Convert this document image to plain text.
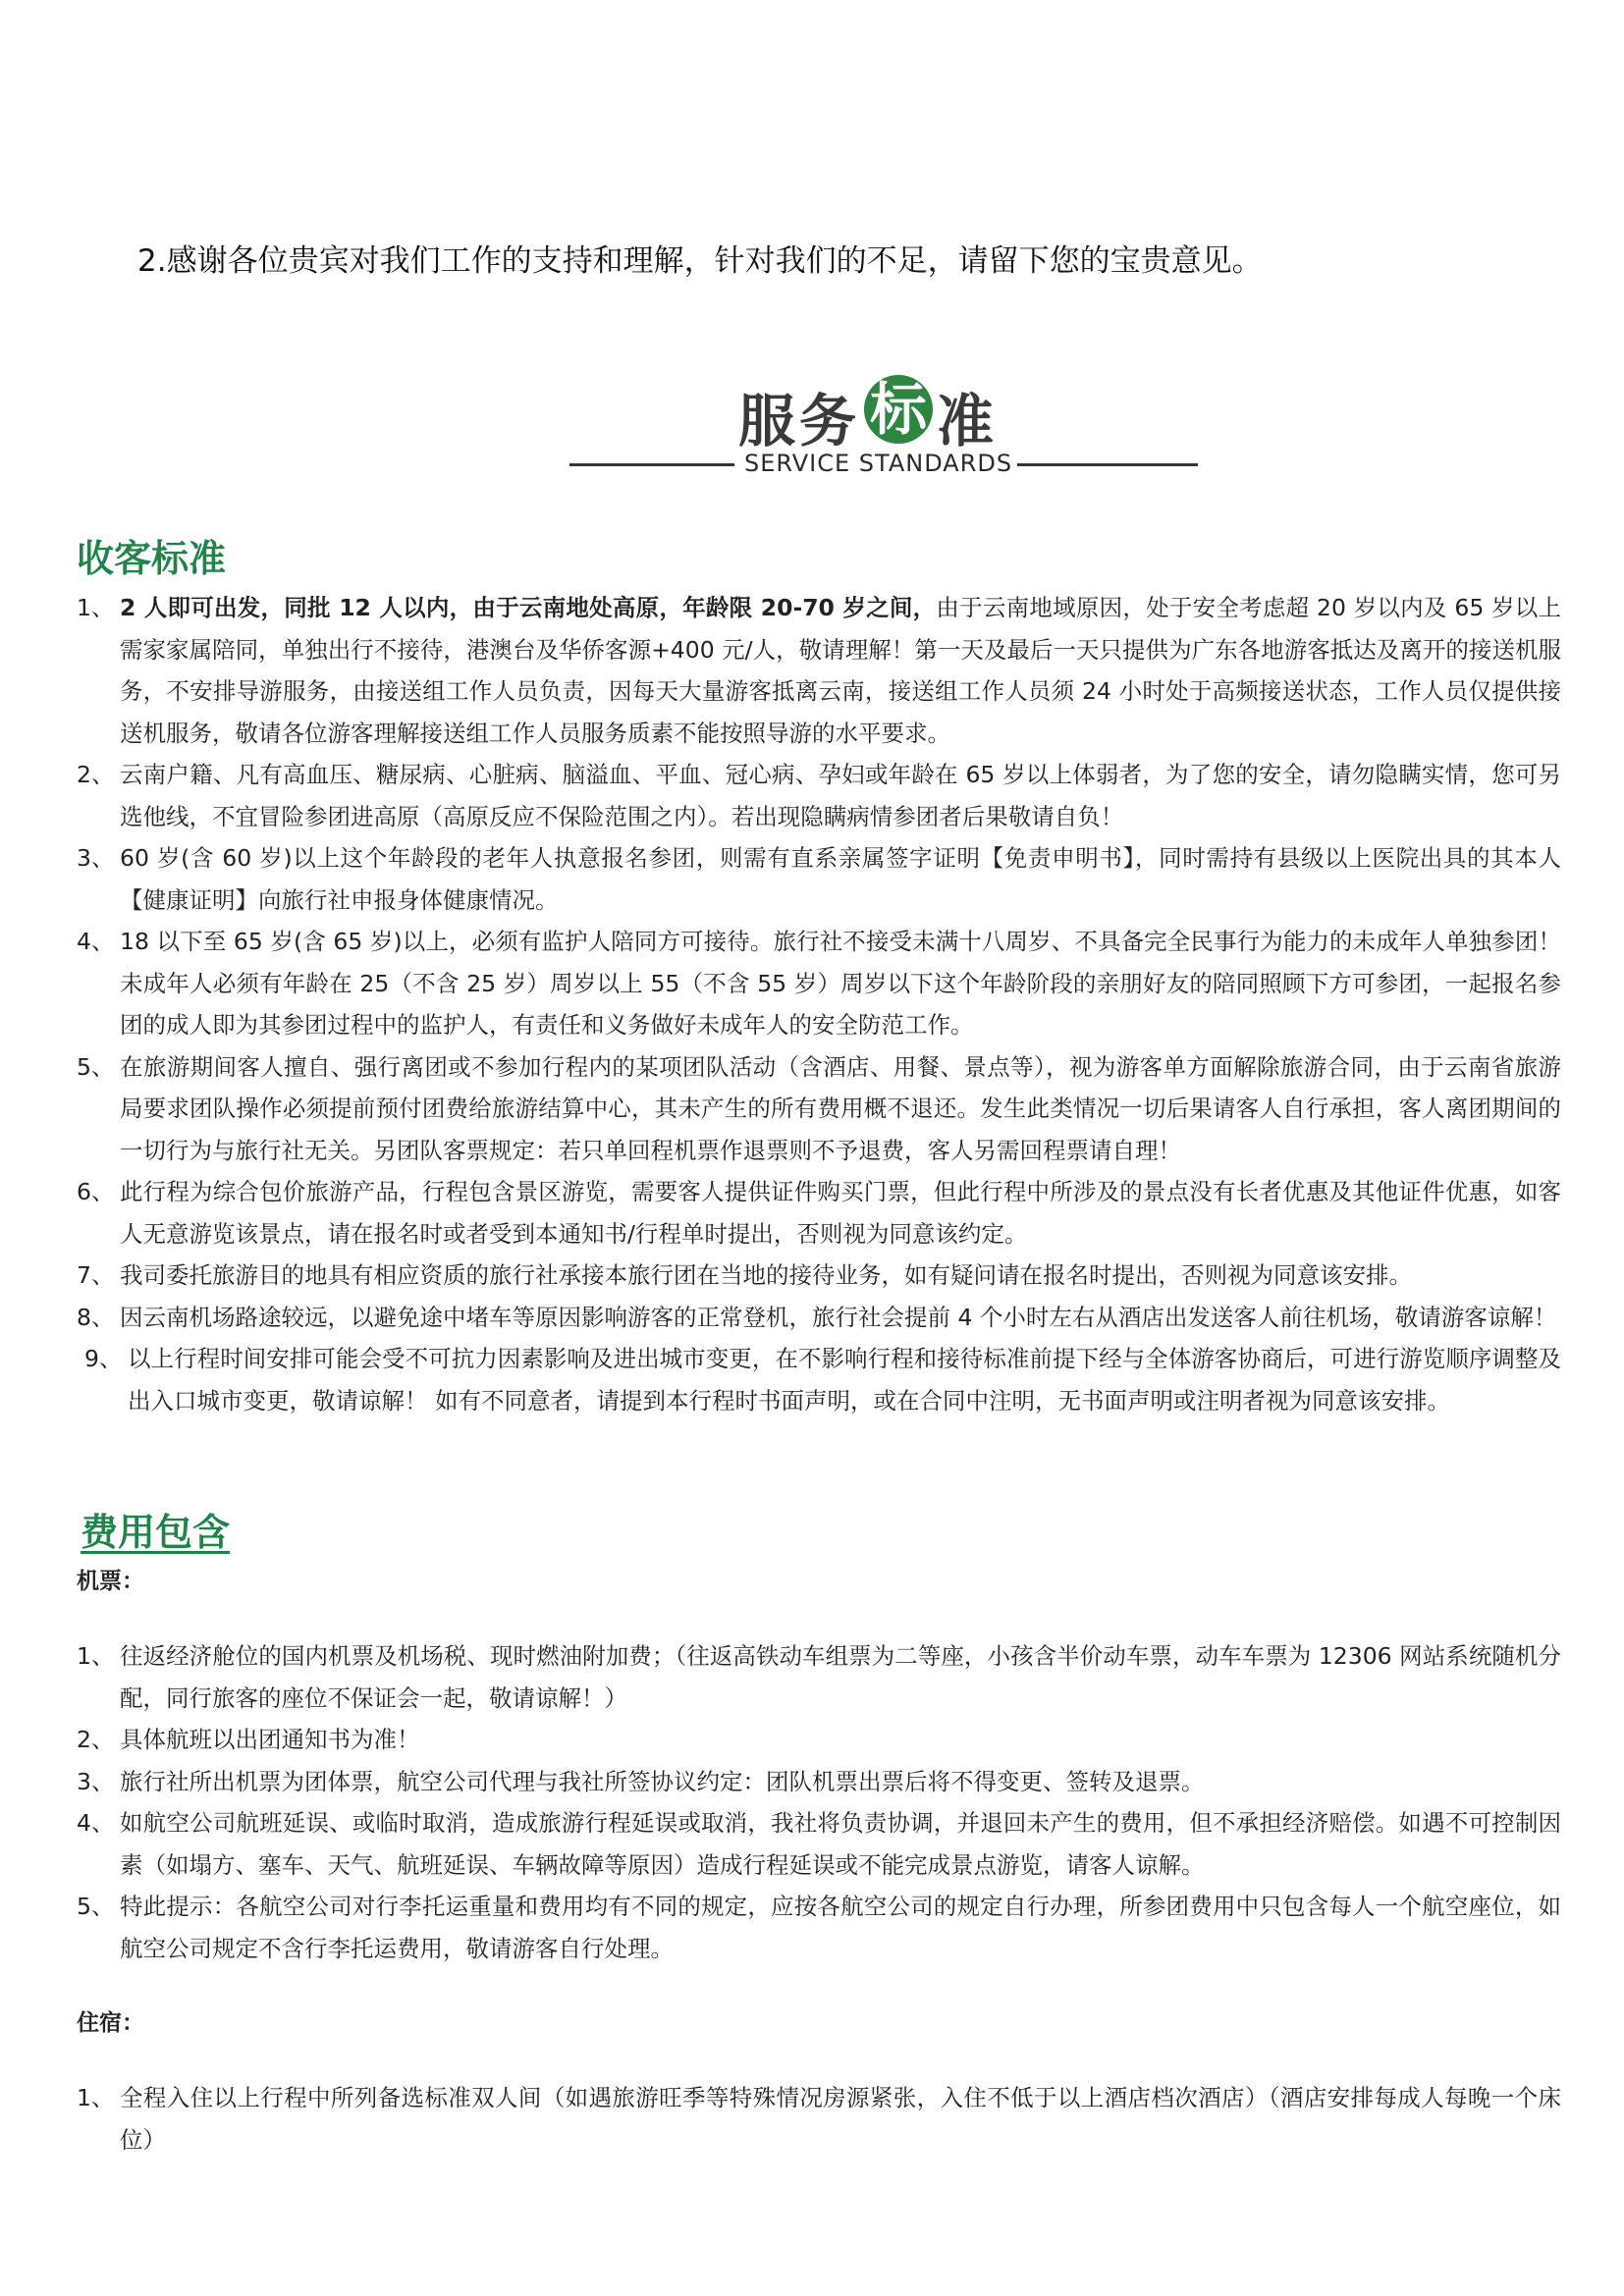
2.感谢各位贵宾对我们工作的支持和理解，针对我们的不足，请留下您的宝贵意见。
服务 标 准
SERVICE STANDARDS
收客标准
1、 2 人即可出发，同批 12 人以内，由于云南地处高原，年龄限 20-70 岁之间，由于云南地域原因，处于安全考虑超 20 岁以内及 65 岁以上需家家属陪同，单独出行不接待，港澳台及华侨客源+400 元/人，敬请理解！第一天及最后一天只提供为广东各地游客抵达及离开的接送机服务，不安排导游服务，由接送组工作人员负责，因每天大量游客抵离云南，接送组工作人员须 24 小时处于高频接送状态，工作人员仅提供接送机服务，敬请各位游客理解接送组工作人员服务质素不能按照导游的水平要求。
2、 云南户籍、凡有高血压、糖尿病、心脏病、脑溢血、平血、冠心病、孕妇或年龄在 65 岁以上体弱者，为了您的安全，请勿隐瞒实情，您可另选他线，不宜冒险参团进高原（高原反应不保险范围之内）。若出现隐瞒病情参团者后果敬请自负！
3、 60 岁(含 60 岁)以上这个年龄段的老年人执意报名参团，则需有直系亲属签字证明【免责申明书】，同时需持有县级以上医院出具的其本人【健康证明】向旅行社申报身体健康情况。
4、 18 以下至 65 岁(含 65 岁)以上，必须有监护人陪同方可接待。旅行社不接受未满十八周岁、不具备完全民事行为能力的未成年人单独参团！未成年人必须有年龄在 25（不含 25 岁）周岁以上 55（不含 55 岁）周岁以下这个年龄阶段的亲朋好友的陪同照顾下方可参团，一起报名参团的成人即为其参团过程中的监护人，有责任和义务做好未成年人的安全防范工作。
5、 在旅游期间客人擅自、强行离团或不参加行程内的某项团队活动（含酒店、用餐、景点等），视为游客单方面解除旅游合同，由于云南省旅游局要求团队操作必须提前预付团费给旅游结算中心，其未产生的所有费用概不退还。发生此类情况一切后果请客人自行承担，客人离团期间的一切行为与旅行社无关。另团队客票规定：若只单回程机票作退票则不予退费，客人另需回程票请自理！
6、 此行程为综合包价旅游产品，行程包含景区游览，需要客人提供证件购买门票，但此行程中所涉及的景点没有长者优惠及其他证件优惠，如客人无意游览该景点，请在报名时或者受到本通知书/行程单时提出，否则视为同意该约定。
7、 我司委托旅游目的地具有相应资质的旅行社承接本旅行团在当地的接待业务，如有疑问请在报名时提出，否则视为同意该安排。
8、 因云南机场路途较远，以避免途中堵车等原因影响游客的正常登机，旅行社会提前 4 个小时左右从酒店出发送客人前往机场，敬请游客谅解！
9、 以上行程时间安排可能会受不可抗力因素影响及进出城市变更，在不影响行程和接待标准前提下经与全体游客协商后，可进行游览顺序调整及出入口城市变更，敬请谅解！ 如有不同意者，请提到本行程时书面声明，或在合同中注明，无书面声明或注明者视为同意该安排。
费用包含
机票：
1、 往返经济舱位的国内机票及机场税、现时燃油附加费；（往返高铁动车组票为二等座，小孩含半价动车票，动车车票为 12306 网站系统随机分配，同行旅客的座位不保证会一起，敬请谅解！）
2、 具体航班以出团通知书为准！
3、 旅行社所出机票为团体票，航空公司代理与我社所签协议约定：团队机票出票后将不得变更、签转及退票。
4、 如航空公司航班延误、或临时取消，造成旅游行程延误或取消，我社将负责协调，并退回未产生的费用，但不承担经济赔偿。如遇不可控制因素（如塌方、塞车、天气、航班延误、车辆故障等原因）造成行程延误或不能完成景点游览，请客人谅解。
5、 特此提示：各航空公司对行李托运重量和费用均有不同的规定，应按各航空公司的规定自行办理，所参团费用中只包含每人一个航空座位，如航空公司规定不含行李托运费用，敬请游客自行处理。
住宿：
1、 全程入住以上行程中所列备选标准双人间（如遇旅游旺季等特殊情况房源紧张，入住不低于以上酒店档次酒店）（酒店安排每成人每晚一个床位）
